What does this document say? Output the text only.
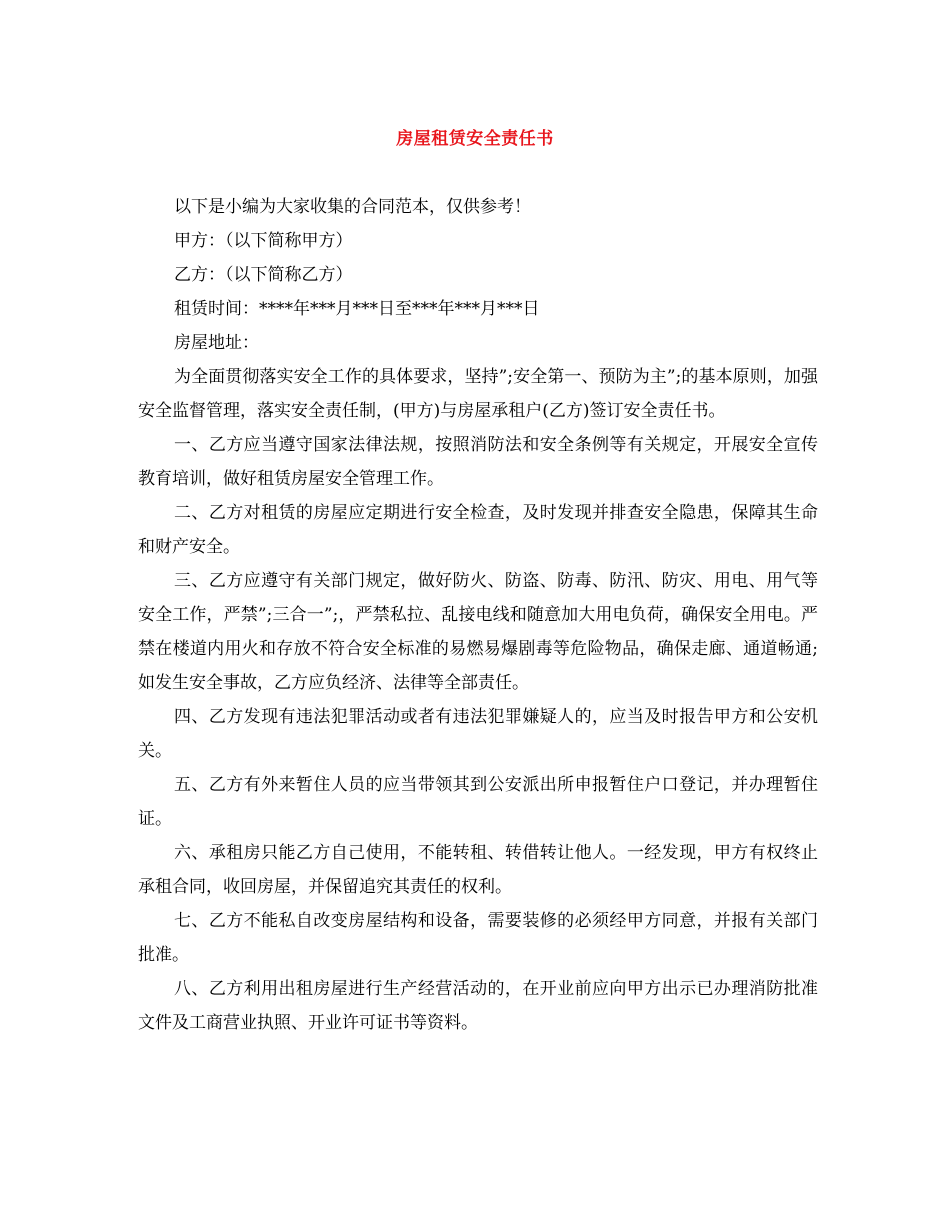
房屋租赁安全责任书

以下是小编为大家收集的合同范本，仅供参考！

甲方：（以下简称甲方）

乙方：（以下简称乙方）

租赁时间：****年***月***日至***年***月***日

房屋地址：

为全面贯彻落实安全工作的具体要求，坚持”;安全第一、预防为主”;的基本原则，加强安全监督管理，落实安全责任制，(甲方)与房屋承租户(乙方)签订安全责任书。

一、乙方应当遵守国家法律法规，按照消防法和安全条例等有关规定，开展安全宣传教育培训，做好租赁房屋安全管理工作。

二、乙方对租赁的房屋应定期进行安全检查，及时发现并排查安全隐患，保障其生命和财产安全。

三、乙方应遵守有关部门规定，做好防火、防盗、防毒、防汛、防灾、用电、用气等安全工作，严禁”;三合一”;，严禁私拉、乱接电线和随意加大用电负荷，确保安全用电。严禁在楼道内用火和存放不符合安全标准的易燃易爆剧毒等危险物品，确保走廊、通道畅通;如发生安全事故，乙方应负经济、法律等全部责任。

四、乙方发现有违法犯罪活动或者有违法犯罪嫌疑人的，应当及时报告甲方和公安机关。

五、乙方有外来暂住人员的应当带领其到公安派出所申报暂住户口登记，并办理暂住证。

六、承租房只能乙方自己使用，不能转租、转借转让他人。一经发现，甲方有权终止承租合同，收回房屋，并保留追究其责任的权利。

七、乙方不能私自改变房屋结构和设备，需要装修的必须经甲方同意，并报有关部门批准。

八、乙方利用出租房屋进行生产经营活动的，在开业前应向甲方出示已办理消防批准文件及工商营业执照、开业许可证书等资料。
